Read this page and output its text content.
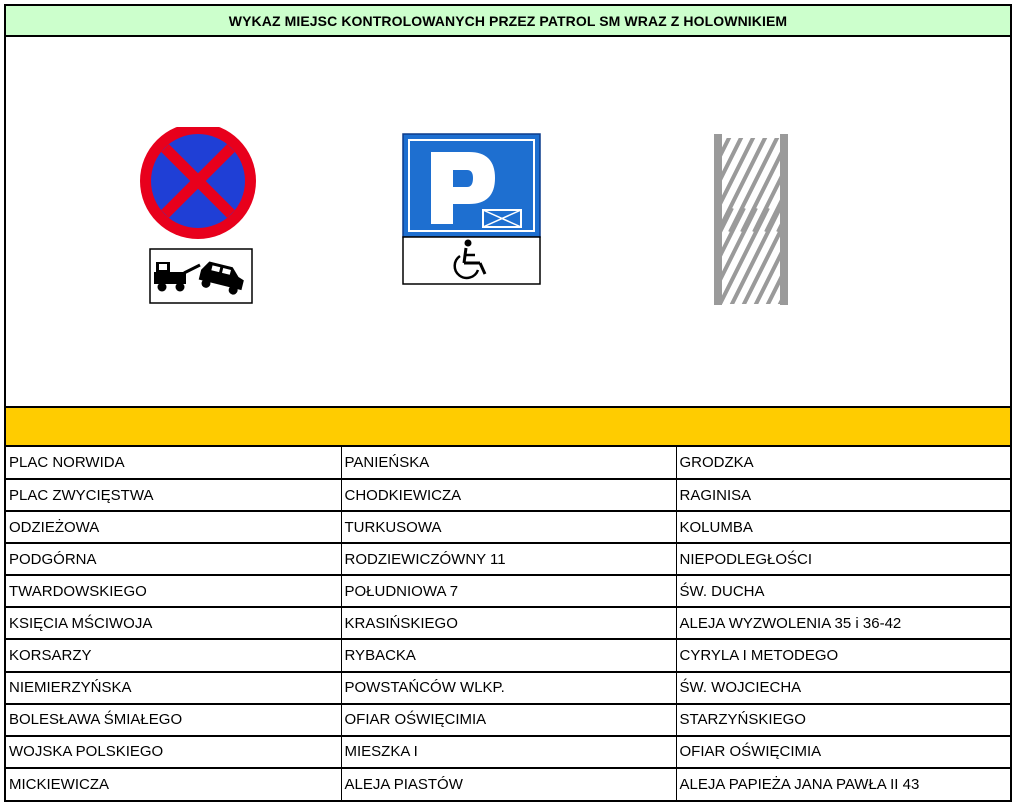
WYKAZ MIEJSC KONTROLOWANYCH PRZEZ PATROL SM WRAZ Z HOLOWNIKIEM
PLAC NORWIDA	PANIEŃSKA	GRODZKA
PLAC ZWYCIĘSTWA	CHODKIEWICZA	RAGINISA
ODZIEŻOWA	TURKUSOWA	KOLUMBA
PODGÓRNA	RODZIEWICZÓWNY 11	NIEPODLEGŁOŚCI
TWARDOWSKIEGO	POŁUDNIOWA 7	ŚW. DUCHA
KSIĘCIA MŚCIWOJA	KRASIŃSKIEGO	ALEJA WYZWOLENIA 35 i 36-42
KORSARZY	RYBACKA	CYRYLA I METODEGO
NIEMIERZYŃSKA	POWSTAŃCÓW WLKP.	ŚW. WOJCIECHA
BOLESŁAWA ŚMIAŁEGO	OFIAR OŚWIĘCIMIA	STARZYŃSKIEGO
WOJSKA POLSKIEGO	MIESZKA I	OFIAR OŚWIĘCIMIA
MICKIEWICZA	ALEJA PIASTÓW	ALEJA PAPIEŻA JANA PAWŁA II 43
